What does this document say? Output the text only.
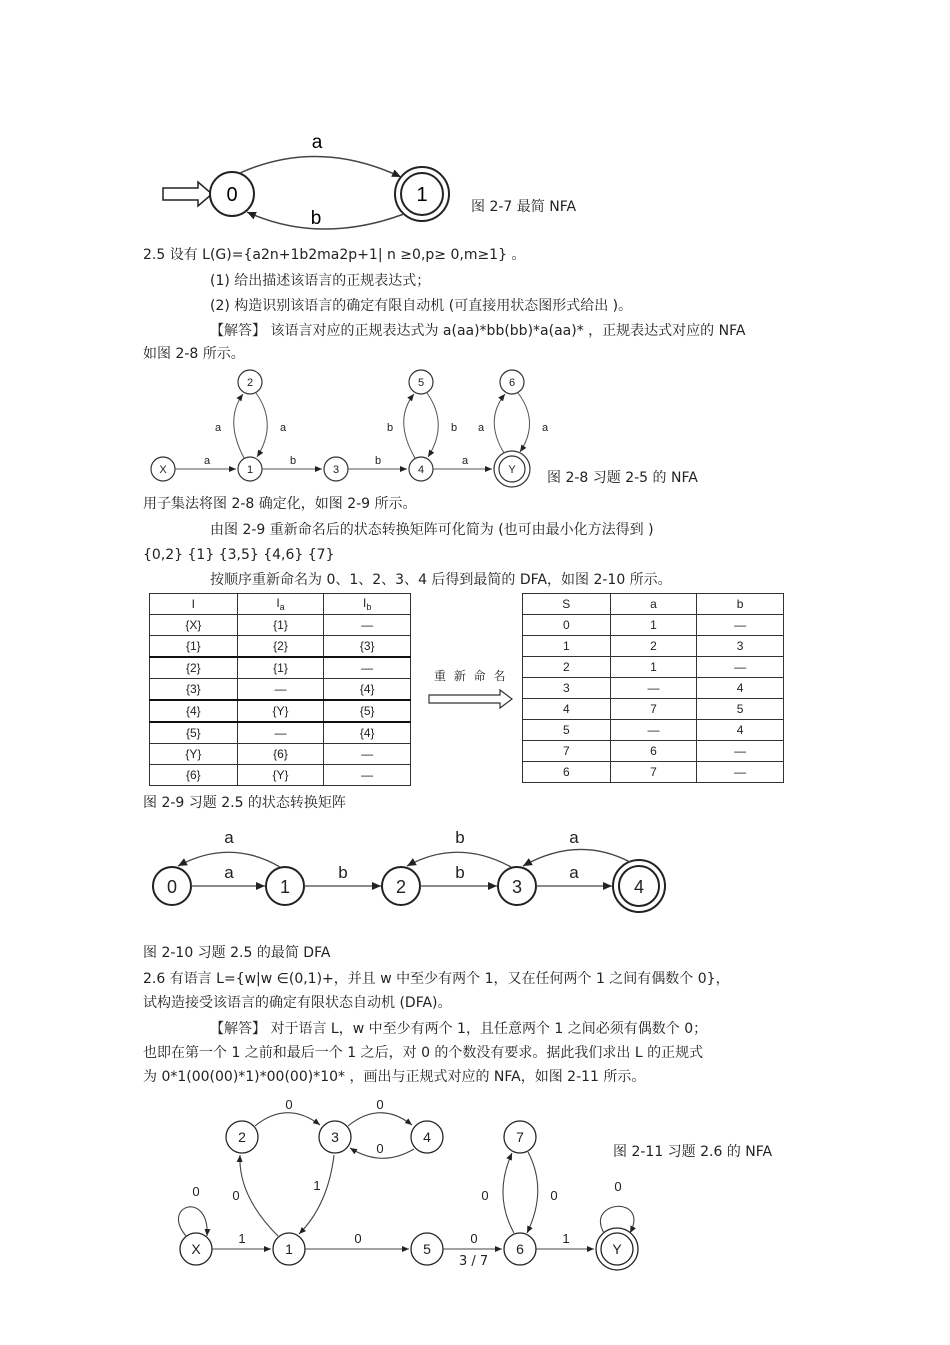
0	1
a
b
图 2-7 最简 NFA
2.5 设有 L(G)={a2n+1b2ma2p+1| n ≥0,p≥ 0,m≥1} 。
(1) 给出描述该语言的正规表达式；
(2) 构造识别该语言的确定有限自动机 (可直接用状态图形式给出 )。
【解答】 该语言对应的正规表达式为 a(aa)*bb(bb)*a(aa)* ，正规表达式对应的 NFA
如图 2-8 所示。
X	1
2
3	4
5	6
Y
a	b	b	a
a	a	b	b a	a
图 2-8 习题 2-5 的 NFA
用子集法将图 2-8 确定化，如图 2-9 所示。
由图 2-9 重新命名后的状态转换矩阵可化简为 (也可由最小化方法得到 )
{0,2} {1} {3,5} {4,6} {7}
按顺序重新命名为 0、1、2、3、4 后得到最简的 DFA，如图 2-10 所示。
I	$I_a$	$I_b$
{X}	{1}	—
{1}	{2}	{3}
{2}	{1}	—
{3}	—	{4}
{4}	{Y}	{5}
{5}	—	{4}
{Y}	{6}	—
{6}	{Y}	—
重 新 命 名
S	a	b
0	1	—
1	2	3
2	1	—
3	—	4
4	7	5
5	—	4
7	6	—
6	7	—
图 2-9 习题 2.5 的状态转换矩阵
0	1	2	3	4
a
a	b
b
b
a
a
图 2-10 习题 2.5 的最简 DFA
2.6 有语言 L={w|w ∈(0,1)+，并且 w 中至少有两个 1，又在任何两个 1 之间有偶数个 0}，
试构造接受该语言的确定有限状态自动机 (DFA)。
【解答】 对于语言 L，w 中至少有两个 1，且任意两个 1 之间必须有偶数个 0；
也即在第一个 1 之前和最后一个 1 之后，对 0 的个数没有要求。据此我们求出 L 的正规式
为 0*1(00(00)*1)*00(00)*10* ，画出与正规式对应的 NFA，如图 2-11 所示。
X	1
2	3	4
5	6
7
Y
0
1
0
1
0	0
0
0	0
0
1
0
0
图 2-11 习题 2.6 的 NFA
3 / 7
